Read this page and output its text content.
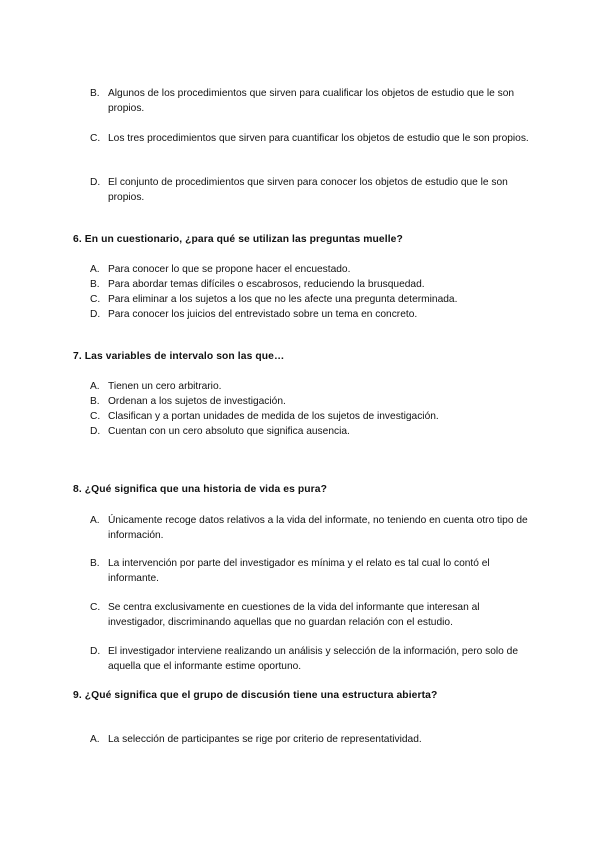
B. Algunos de los procedimientos que sirven para cualificar los objetos de estudio que le son propios.
C. Los tres procedimientos que sirven para cuantificar los objetos de estudio que le son propios.
D. El conjunto de procedimientos que sirven para conocer los objetos de estudio que le son propios.
6. En un cuestionario, ¿para qué se utilizan las preguntas muelle?
A. Para conocer lo que se propone hacer el encuestado.
B. Para abordar temas difíciles o escabrosos, reduciendo la brusquedad.
C. Para eliminar a los sujetos a los que no les afecte una pregunta determinada.
D. Para conocer los juicios del entrevistado sobre un tema en concreto.
7. Las variables de intervalo son las que…
A. Tienen un cero arbitrario.
B. Ordenan a los sujetos de investigación.
C. Clasifican y a portan unidades de medida de los sujetos de investigación.
D. Cuentan con un cero absoluto que significa ausencia.
8. ¿Qué significa que una historia de vida es pura?
A. Únicamente recoge datos relativos a la vida del informate, no teniendo en cuenta otro tipo de información.
B. La intervención por parte del investigador es mínima y el relato es tal cual lo contó el informante.
C. Se centra exclusivamente en cuestiones de la vida del informante que interesan al investigador, discriminando aquellas que no guardan relación con el estudio.
D. El investigador interviene realizando un análisis y selección de la información, pero solo de aquella que el informante estime oportuno.
9. ¿Qué significa que el grupo de discusión tiene una estructura abierta?
A. La selección de participantes se rige por criterio de representatividad.
